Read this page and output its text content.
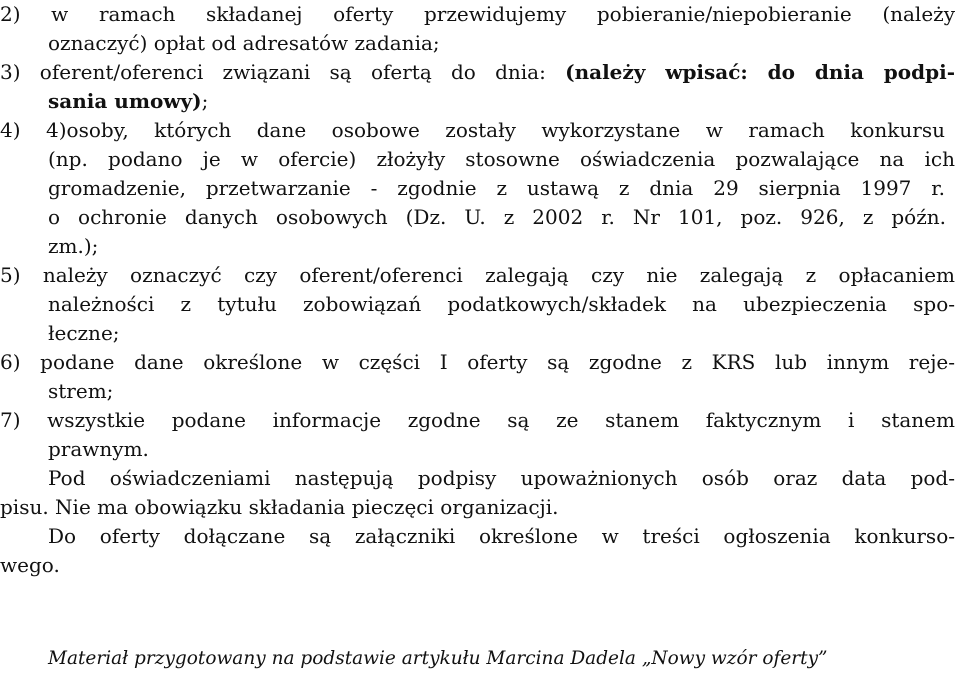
2) w ramach składanej oferty przewidujemy pobieranie/niepobieranie (należy
oznaczyć) opłat od adresatów zadania;
3) oferent/oferenci związani są ofertą do dnia: (należy wpisać: do dnia podpi-
sania umowy);
4) 4)osoby, których dane osobowe zostały wykorzystane w ramach konkursu
(np. podano je w ofercie) złożyły stosowne oświadczenia pozwalające na ich
gromadzenie, przetwarzanie - zgodnie z ustawą z dnia 29 sierpnia 1997 r.
o ochronie danych osobowych (Dz. U. z 2002 r. Nr 101, poz. 926, z późn.
zm.);
5) należy oznaczyć czy oferent/oferenci zalegają czy nie zalegają z opłacaniem
należności z tytułu zobowiązań podatkowych/składek na ubezpieczenia spo-
łeczne;
6) podane dane określone w części I oferty są zgodne z KRS lub innym reje-
strem;
7) wszystkie podane informacje zgodne są ze stanem faktycznym i stanem
prawnym.
Pod oświadczeniami następują podpisy upoważnionych osób oraz data pod-
pisu. Nie ma obowiązku składania pieczęci organizacji.
Do oferty dołączane są załączniki określone w treści ogłoszenia konkurso-
wego.
Materiał przygotowany na podstawie artykułu Marcina Dadela „Nowy wzór oferty”
